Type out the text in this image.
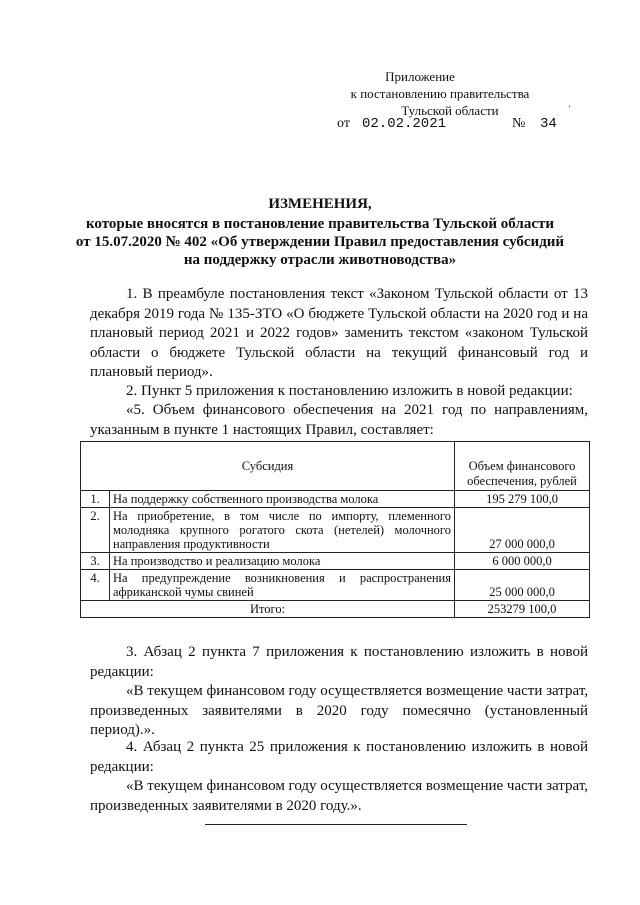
Приложение
к постановлению правительства
Тульской области
от 02.02.2021	№ 34
’
ИЗМЕНЕНИЯ,
которые вносятся в постановление правительства Тульской области
от 15.07.2020 № 402 «Об утверждении Правил предоставления субсидий
на поддержку отрасли животноводства»
1. В преамбуле постановления текст «Законом Тульской области от 13 декабря 2019 года № 135-ЗТО «О бюджете Тульской области на 2020 год и на плановый период 2021 и 2022 годов» заменить текстом «законом Тульской области о бюджете Тульской области на текущий финансовый год и плановый период».
2. Пункт 5 приложения к постановлению изложить в новой редакции:
«5. Объем финансового обеспечения на 2021 год по направлениям, указанным в пункте 1 настоящих Правил, составляет:
Субсидия		Объем финансового обеспечения, рублей
1.	На поддержку собственного производства молока	195 279 100,0
2.	На приобретение, в том числе по импорту, племенного молодняка крупного рогатого скота (нетелей) молочного направления продуктивности	27 000 000,0
3.	На производство и реализацию молока	6 000 000,0
4.	На предупреждение возникновения и распространения африканской чумы свиней	25 000 000,0
Итого:		253279 100,0
3. Абзац 2 пункта 7 приложения к постановлению изложить в новой редакции:
«В текущем финансовом году осуществляется возмещение части затрат, произведенных заявителями в 2020 году помесячно (установленный период).».
4. Абзац 2 пункта 25 приложения к постановлению изложить в новой редакции:
«В текущем финансовом году осуществляется возмещение части затрат, произведенных заявителями в 2020 году.».
